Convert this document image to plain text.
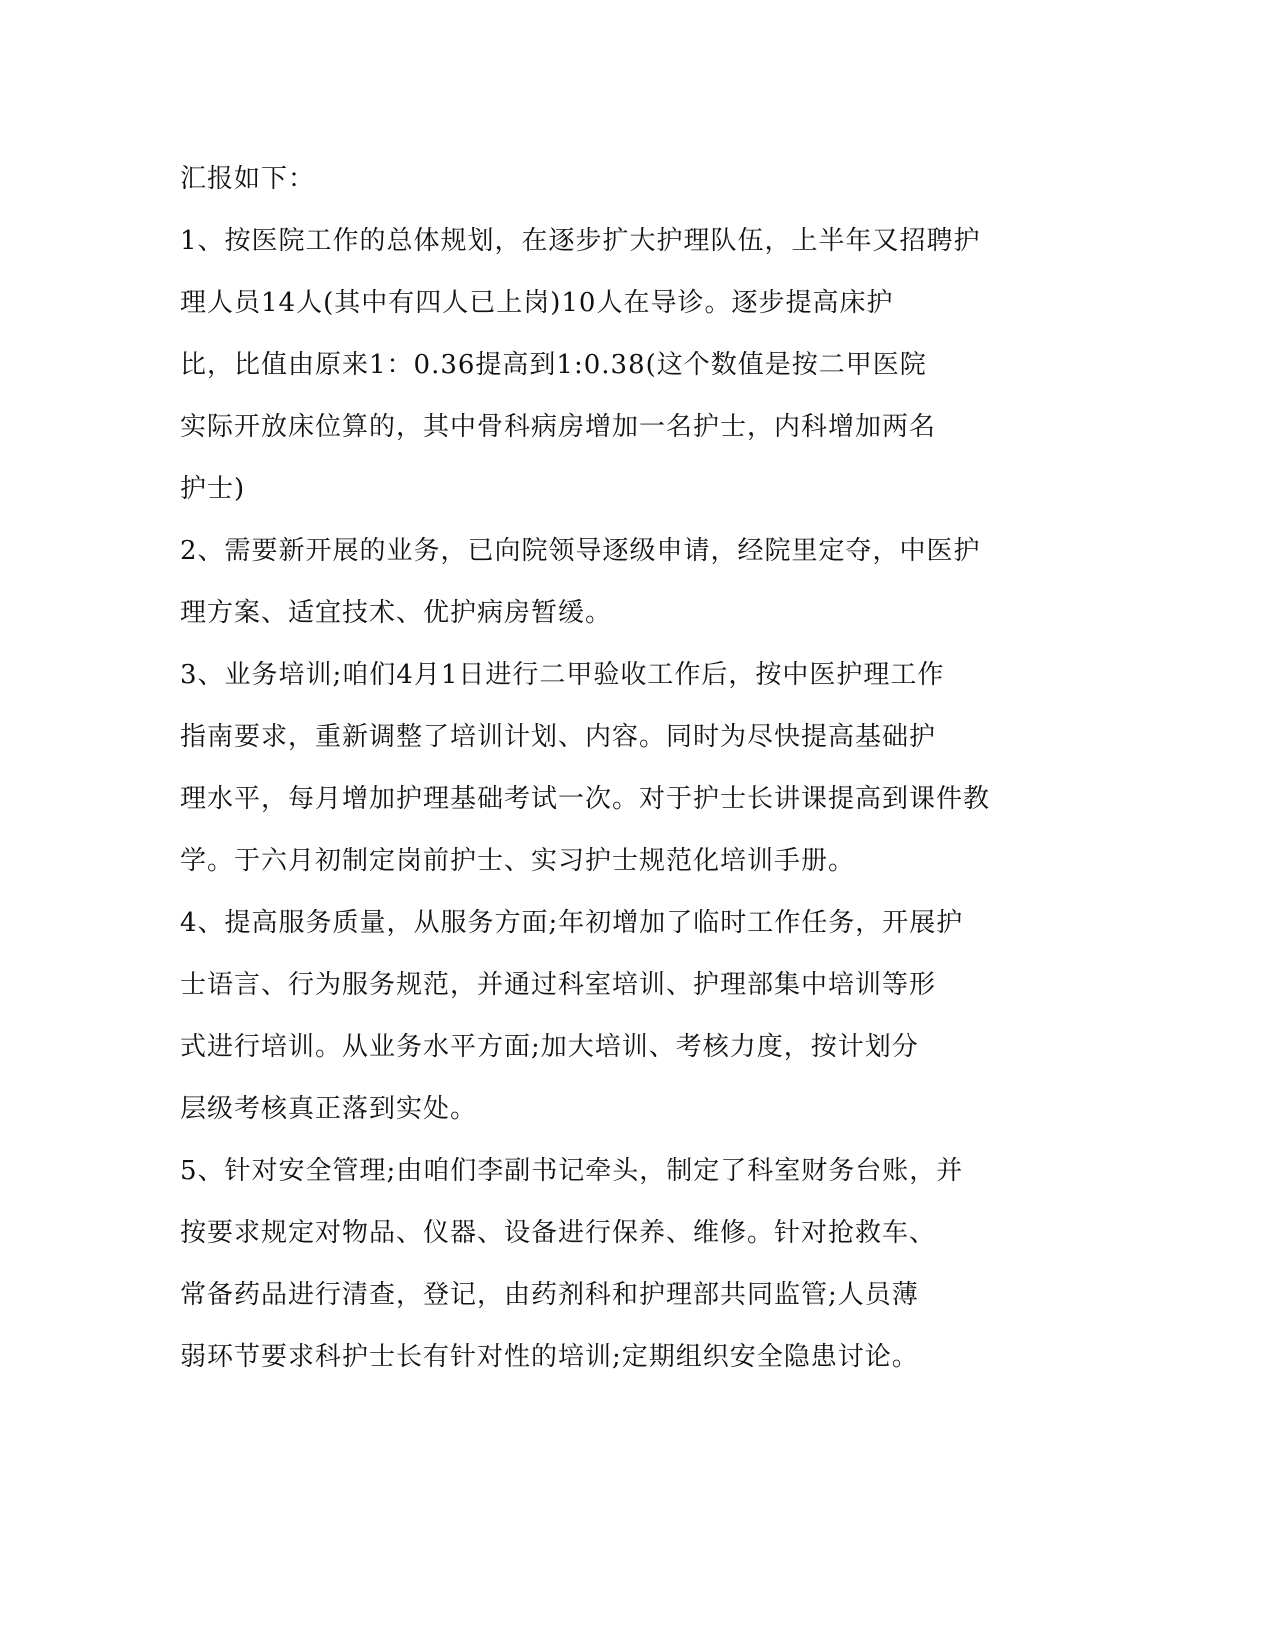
汇报如下：
1、按医院工作的总体规划，在逐步扩大护理队伍，上半年又招聘护
理人员14人(其中有四人已上岗)10人在导诊。逐步提高床护
比，比值由原来1：0.36提高到1:0.38(这个数值是按二甲医院
实际开放床位算的，其中骨科病房增加一名护士，内科增加两名
护士)
2、需要新开展的业务，已向院领导逐级申请，经院里定夺，中医护
理方案、适宜技术、优护病房暂缓。
3、业务培训;咱们4月1日进行二甲验收工作后，按中医护理工作
指南要求，重新调整了培训计划、内容。同时为尽快提高基础护
理水平，每月增加护理基础考试一次。对于护士长讲课提高到课件教
学。于六月初制定岗前护士、实习护士规范化培训手册。
4、提高服务质量，从服务方面;年初增加了临时工作任务，开展护
士语言、行为服务规范，并通过科室培训、护理部集中培训等形
式进行培训。从业务水平方面;加大培训、考核力度，按计划分
层级考核真正落到实处。
5、针对安全管理;由咱们李副书记牵头，制定了科室财务台账，并
按要求规定对物品、仪器、设备进行保养、维修。针对抢救车、
常备药品进行清查，登记，由药剂科和护理部共同监管;人员薄
弱环节要求科护士长有针对性的培训;定期组织安全隐患讨论。
